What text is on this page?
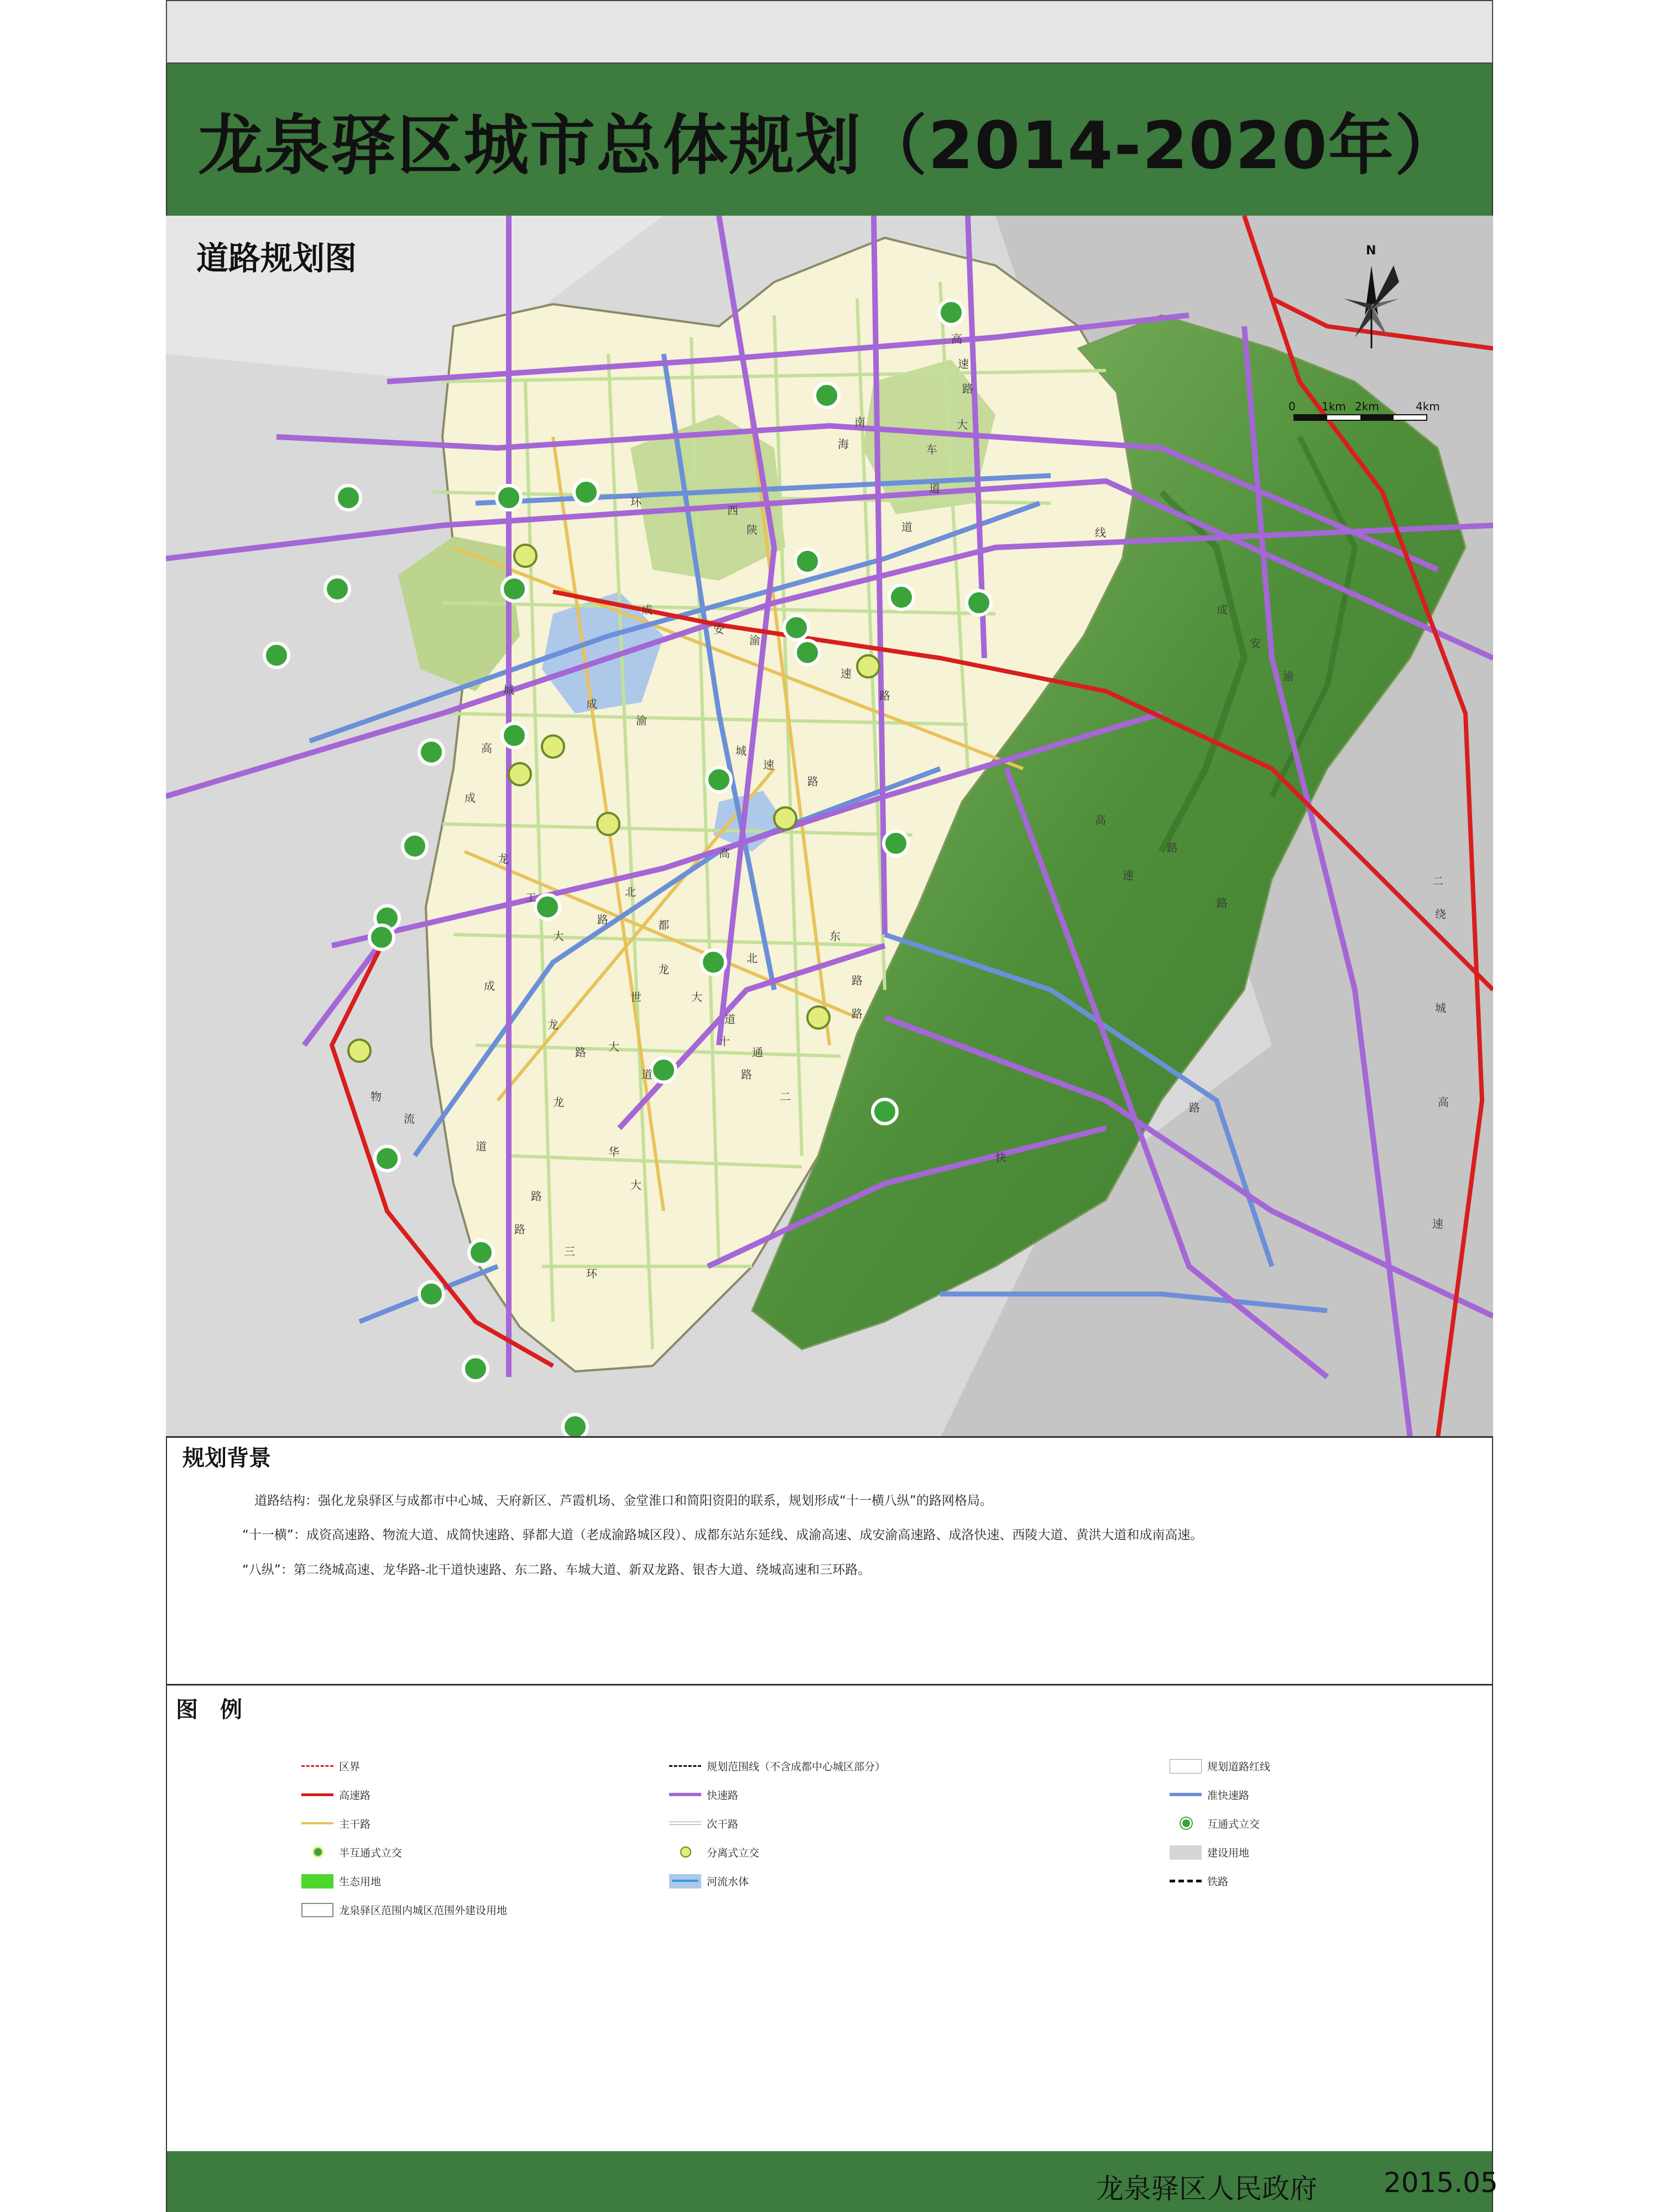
龙泉驿区城市总体规划（2014-2020年）
N
0 1km 2km	4km
高
速
路
南
海	车
大
道
环
西
陕	道
成
安
渝
速
路
城
成
渝
城
高
速
路
成
高
龙
工	北
路
龙
大
都
世	大
道
成
龙
路 大
道
十
通
北
东
路
二
路
路
物
流
龙
华
大
道
路
三
路
环
路
成
安
渝
高
速	二
绕
城
高
速
路
快
线
路
道路规划图
规划背景
道路结构：强化龙泉驿区与成都市中心城、天府新区、芦霞机场、金堂淮口和简阳资阳的联系，规划形成“十一横八纵”的路网格局。
“十一横”：成资高速路、物流大道、成简快速路、驿都大道（老成渝路城区段）、成都东站东延线、成渝高速、成安渝高速路、成洛快速、西陵大道、黄洪大道和成南高速。
“八纵”：第二绕城高速、龙华路-北干道快速路、东二路、车城大道、新双龙路、银杏大道、绕城高速和三环路。
图例
区界
高速路
主干路
半互通式立交
生态用地
龙泉驿区范围内城区范围外建设用地
规划范围线（不含成都中心城区部分）
快速路
次干路
分离式立交
河流水体
规划道路红线
准快速路
互通式立交
建设用地
铁路
龙泉驿区人民政府 2015.05
